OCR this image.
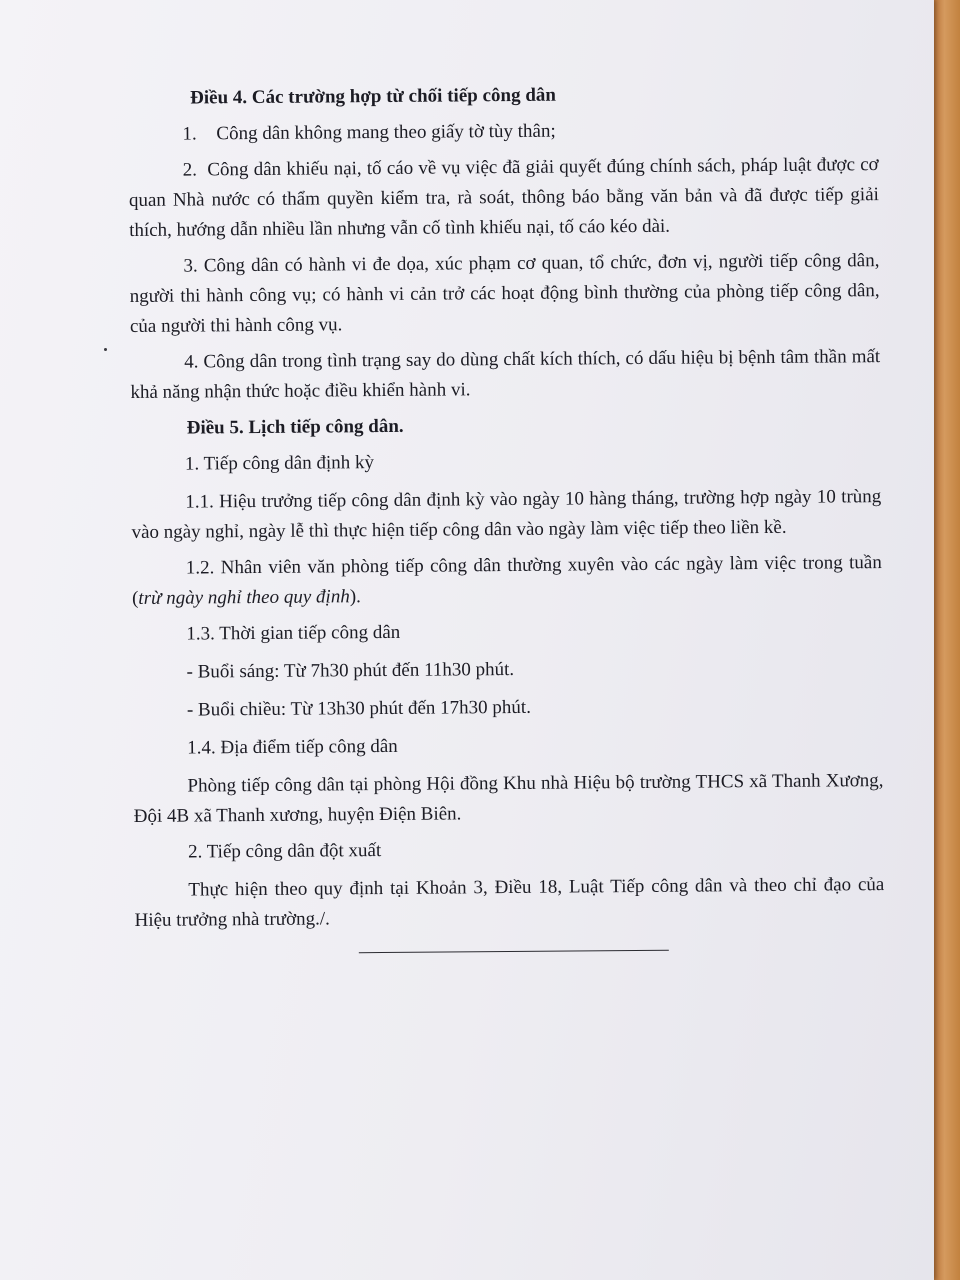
Điều 4. Các trường hợp từ chối tiếp công dân
1. Công dân không mang theo giấy tờ tùy thân;

2. Công dân khiếu nại, tố cáo về vụ việc đã giải quyết đúng chính sách, pháp luật được cơ quan Nhà nước có thẩm quyền kiểm tra, rà soát, thông báo bằng văn bản và đã được tiếp giải thích, hướng dẫn nhiều lần nhưng vẫn cố tình khiếu nại, tố cáo kéo dài.

3. Công dân có hành vi đe dọa, xúc phạm cơ quan, tổ chức, đơn vị, người tiếp công dân, người thi hành công vụ; có hành vi cản trở các hoạt động bình thường của phòng tiếp công dân, của người thi hành công vụ.

4. Công dân trong tình trạng say do dùng chất kích thích, có dấu hiệu bị bệnh tâm thần mất khả năng nhận thức hoặc điều khiển hành vi.

Điều 5. Lịch tiếp công dân.
1. Tiếp công dân định kỳ

1.1. Hiệu trưởng tiếp công dân định kỳ vào ngày 10 hàng tháng, trường hợp ngày 10 trùng vào ngày nghỉ, ngày lễ thì thực hiện tiếp công dân vào ngày làm việc tiếp theo liền kề.

1.2. Nhân viên văn phòng tiếp công dân thường xuyên vào các ngày làm việc trong tuần (trừ ngày nghỉ theo quy định).

1.3. Thời gian tiếp công dân
- Buổi sáng: Từ 7h30 phút đến 11h30 phút.
- Buổi chiều: Từ 13h30 phút đến 17h30 phút.
1.4. Địa điểm tiếp công dân

Phòng tiếp công dân tại phòng Hội đồng Khu nhà Hiệu bộ trường THCS xã Thanh Xương, Đội 4B xã Thanh xương, huyện Điện Biên.

2. Tiếp công dân đột xuất

Thực hiện theo quy định tại Khoản 3, Điều 18, Luật Tiếp công dân và theo chỉ đạo của Hiệu trưởng nhà trường./.
